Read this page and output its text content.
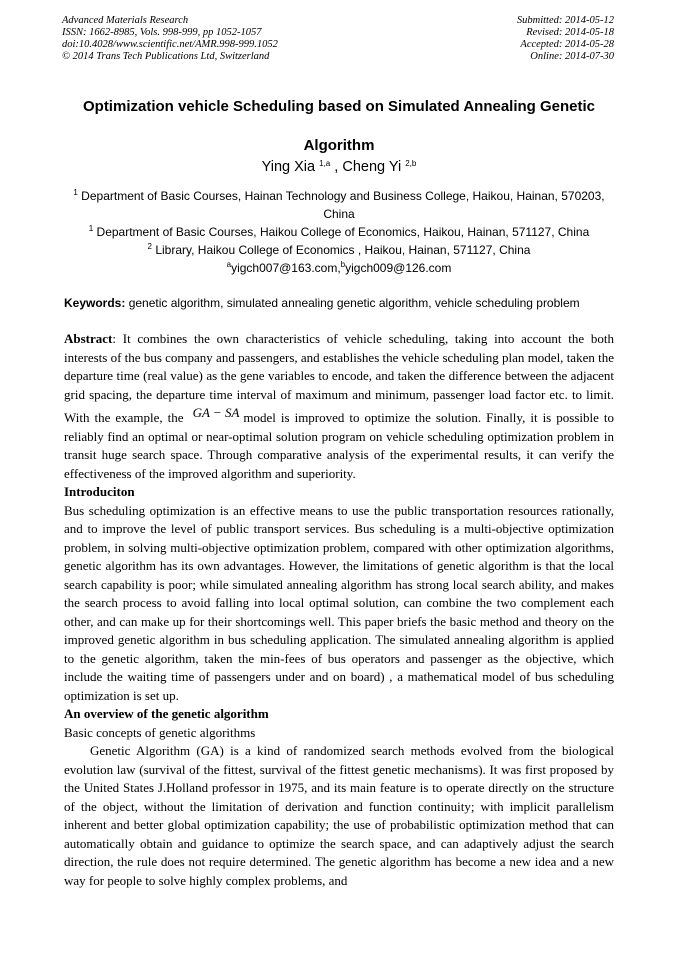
Advanced Materials Research
ISSN: 1662-8985, Vols. 998-999, pp 1052-1057
doi:10.4028/www.scientific.net/AMR.998-999.1052
© 2014 Trans Tech Publications Ltd, Switzerland
Submitted: 2014-05-12
Revised: 2014-05-18
Accepted: 2014-05-28
Online: 2014-07-30
Optimization vehicle Scheduling based on Simulated Annealing Genetic
Algorithm
Ying Xia $^{1,a}$ , Cheng Yi $^{2,b}$
$^1$ Department of Basic Courses, Hainan Technology and Business College, Haikou, Hainan, 570203,
China
$^1$ Department of Basic Courses, Haikou College of Economics, Haikou, Hainan, 571127, China
$^2$ Library, Haikou College of Economics , Haikou, Hainan, 571127, China
$^a$yigch007@163.com,$^b$yigch009@126.com
Keywords: genetic algorithm, simulated annealing genetic algorithm, vehicle scheduling problem

Abstract: It combines the own characteristics of vehicle scheduling, taking into account the both interests of the bus company and passengers, and establishes the vehicle scheduling plan model, taken the departure time (real value) as the gene variables to encode, and taken the difference between the adjacent grid spacing, the departure time interval of maximum and minimum, passenger load factor etc. to limit. With the example, the GA − SA model is improved to optimize the solution. Finally, it is possible to reliably find an optimal or near-optimal solution program on vehicle scheduling optimization problem in transit huge search space. Through comparative analysis of the experimental results, it can verify the effectiveness of the improved algorithm and superiority.

Introduciton

Bus scheduling optimization is an effective means to use the public transportation resources rationally, and to improve the level of public transport services. Bus scheduling is a multi-objective optimization problem, in solving multi-objective optimization problem, compared with other optimization algorithms, genetic algorithm has its own advantages. However, the limitations of genetic algorithm is that the local search capability is poor; while simulated annealing algorithm has strong local search ability, and makes the search process to avoid falling into local optimal solution, can combine the two complement each other, and can make up for their shortcomings well. This paper briefs the basic method and theory on the improved genetic algorithm in bus scheduling application. The simulated annealing algorithm is applied to the genetic algorithm, taken the min-fees of bus operators and passenger as the objective, which include the waiting time of passengers under and on board) , a mathematical model of bus scheduling optimization is set up.

An overview of the genetic algorithm

Basic concepts of genetic algorithms

Genetic Algorithm (GA) is a kind of randomized search methods evolved from the biological evolution law (survival of the fittest, survival of the fittest genetic mechanisms). It was first proposed by the United States J.Holland professor in 1975, and its main feature is to operate directly on the structure of the object, without the limitation of derivation and function continuity; with implicit parallelism inherent and better global optimization capability; the use of probabilistic optimization method that can automatically obtain and guidance to optimize the search space, and can adaptively adjust the search direction, the rule does not require determined. The genetic algorithm has become a new idea and a new way for people to solve highly complex problems, and
